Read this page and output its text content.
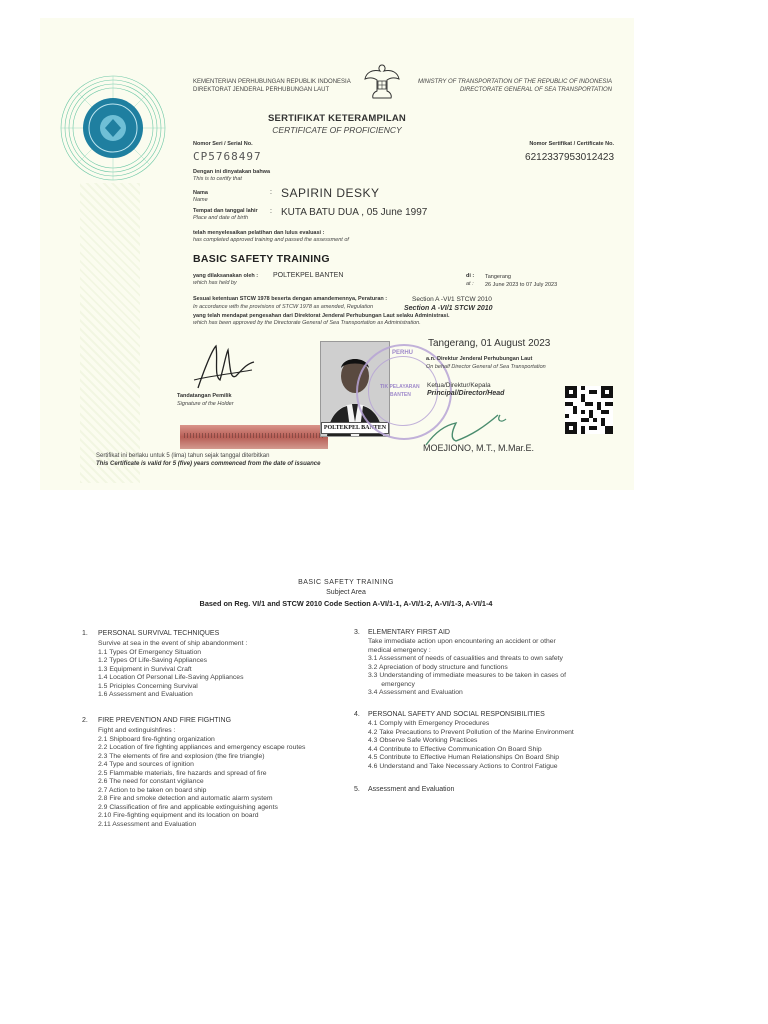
KEMENTERIAN PERHUBUNGAN REPUBLIK INDONESIA
DIREKTORAT JENDERAL PERHUBUNGAN LAUT
MINISTRY OF TRANSPORTATION OF THE REPUBLIC OF INDONESIA
DIRECTORATE GENERAL OF SEA TRANSPORTATION
SERTIFIKAT KETERAMPILAN
CERTIFICATE OF PROFICIENCY
Nomor Seri / Serial No.
CP5768497
Nomor Sertifikat / Certificate No.
6212337953012423
Dengan ini dinyatakan bahwa
This is to certify that
Nama
Name
: SAPIRIN DESKY
Tempat dan tanggal lahir
Place and date of birth
: KUTA BATU DUA , 05 June 1997
telah menyelesaikan pelatihan dan lulus evaluasi :
has completed approved training and passed the assessment of
BASIC SAFETY TRAINING
yang dilaksanakan oleh :
which has held by
POLTEKPEL BANTEN	di :
at :
Tangerang
26 June 2023 to 07 July 2023
Sesuai ketentuan STCW 1978 beserta dengan amandemennya, Peraturan :
In accordance with the provisions of STCW 1978 as amended, Regulation
Section A -VI/1 STCW 2010
Section A -VI/1 STCW 2010
yang telah mendapat pengesahan dari Direktorat Jenderal Perhubungan Laut selaku Administrasi.
which has been approved by the Directorate General of Sea Transportation as Administration.
Tangerang, 01 August 2023
Tandatangan Pemilik
Signature of the Holder
POLTEKPEL BANTEN
PERHU
TIK PELAYARAN
BANTEN
a.n. Direktur Jenderal Perhubungan Laut
On behalf Director General of Sea Transportation
Ketua/Direktur/Kepala
Principal/Director/Head
MOEJIONO, M.T., M.Mar.E.
Sertifikat ini berlaku untuk 5 (lima) tahun sejak tanggal diterbitkan
This Certificate is valid for 5 (five) years commenced from the date of issuance
BASIC SAFETY TRAINING
Subject Area
Based on Reg. VI/1 and STCW 2010 Code Section A-VI/1-1, A-VI/1-2, A-VI/1-3, A-VI/1-4
1. PERSONAL SURVIVAL TECHNIQUES
Survive at sea in the event of ship abandonment :
1.1 Types Of Emergency Situation
1.2 Types Of Life-Saving Appliances
1.3 Equipment in Survival Craft
1.4 Location Of Personal Life-Saving Appliances
1.5 Priciples Concerning Survival
1.6 Assessment and Evaluation
2. FIRE PREVENTION AND FIRE FIGHTING
Fight and extinguishfires :
2.1 Shipboard fire-fighting organization
2.2 Location of fire fighting appliances and emergency escape routes
2.3 The elements of fire and explosion (the fire triangle)
2.4 Type and sources of ignition
2.5 Flammable materials, fire hazards and spread of fire
2.6 The need for constant vigilance
2.7 Action to be taken on board ship
2.8 Fire and smoke detection and automatic alarm system
2.9 Classification of fire and applicable extinguishing agents
2.10 Fire-fighting equipment and its location on board
2.11 Assessment and Evaluation
3. ELEMENTARY FIRST AID
Take immediate action upon encountering an accident or other
medical emergency :
3.1 Assessment of needs of casualities and threats to own safety
3.2 Apreciation of body structure and functions
3.3 Understanding of immediate measures to be taken in cases of
emergency
3.4 Assessment and Evaluation
4. PERSONAL SAFETY AND SOCIAL RESPONSIBILITIES
4.1 Comply with Emergency Procedures
4.2 Take Precautions to Prevent Pollution of the Marine Environment
4.3 Observe Safe Working Practices
4.4 Contribute to Effective Communication On Board Ship
4.5 Contribute to Effective Human Relationships On Board Ship
4.6 Understand and Take Necessary Actions to Control Fatigue
5. Assessment and Evaluation
